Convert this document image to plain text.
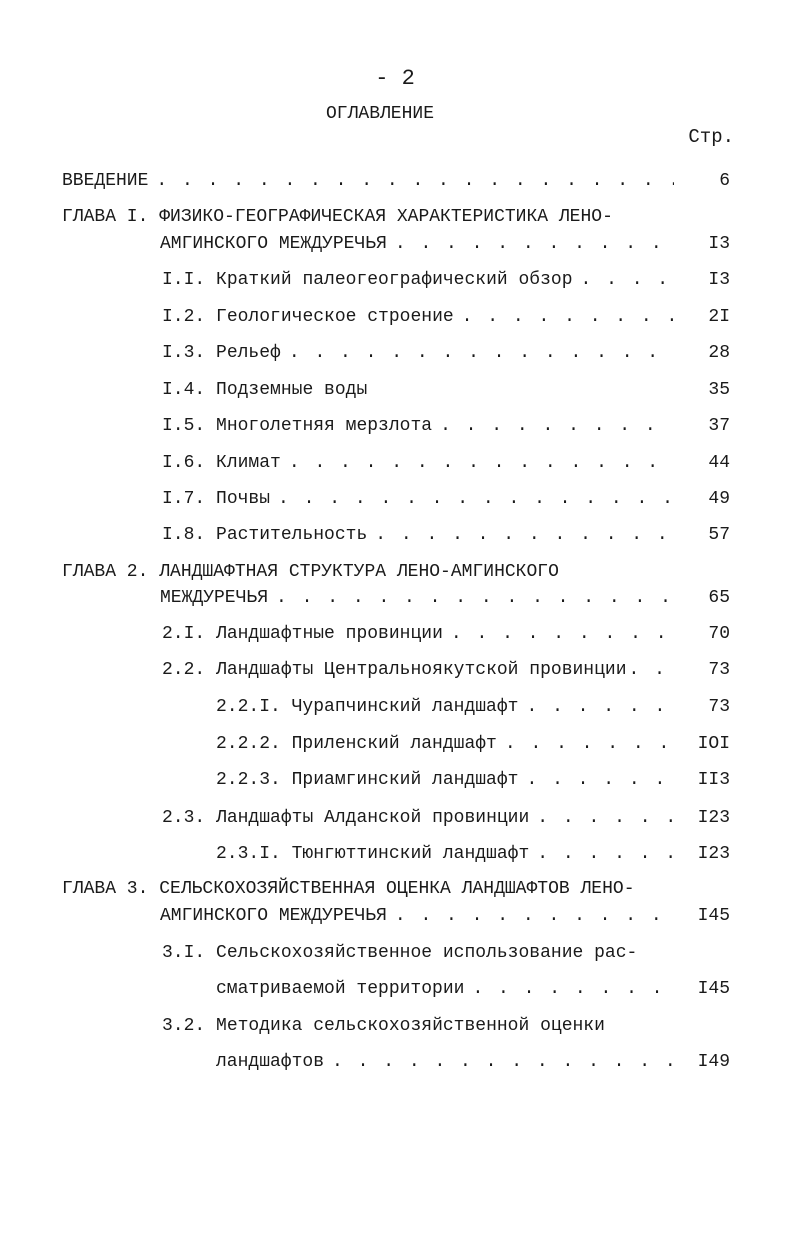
- 2
ОГЛАВЛЕНИЕ
Стр.
ВВЕДЕНИЕ . . .	6
ГЛАВА I. ФИЗИКО-ГЕОГРАФИЧЕСКАЯ ХАРАКТЕРИСТИКА ЛЕНО-
АМГИНСКОГО МЕЖДУРЕЧЬЯ . . .	I3
I.I. Краткий палеогеографический обзор . . .	I3
I.2. Геологическое строение . . .	2I
I.3. Рельеф . . .	28
I.4. Подземные воды	35
I.5. Многолетняя мерзлота . . .	37
I.6. Климат . . .	44
I.7. Почвы . . .	49
I.8. Растительность . . .	57
ГЛАВА 2. ЛАНДШАФТНАЯ СТРУКТУРА ЛЕНО-АМГИНСКОГО
МЕЖДУРЕЧЬЯ . . .	65
2.I. Ландшафтные провинции . . .	70
2.2. Ландшафты Центральноякутской провинции . . .	73
2.2.I. Чурапчинский ландшафт . . .	73
2.2.2. Приленский ландшафт . . .	IOI
2.2.3. Приамгинский ландшафт . . .	II3
2.3. Ландшафты Алданской провинции . . .	I23
2.3.I. Тюнгюттинский ландшафт . . .	I23
ГЛАВА 3. СЕЛЬСКОХОЗЯЙСТВЕННАЯ ОЦЕНКА ЛАНДШАФТОВ ЛЕНО-
АМГИНСКОГО МЕЖДУРЕЧЬЯ . . .	I45
3.I. Сельскохозяйственное использование рас-
сматриваемой территории . . .	I45
3.2. Методика сельскохозяйственной оценки
ландшафтов . . .	I49
